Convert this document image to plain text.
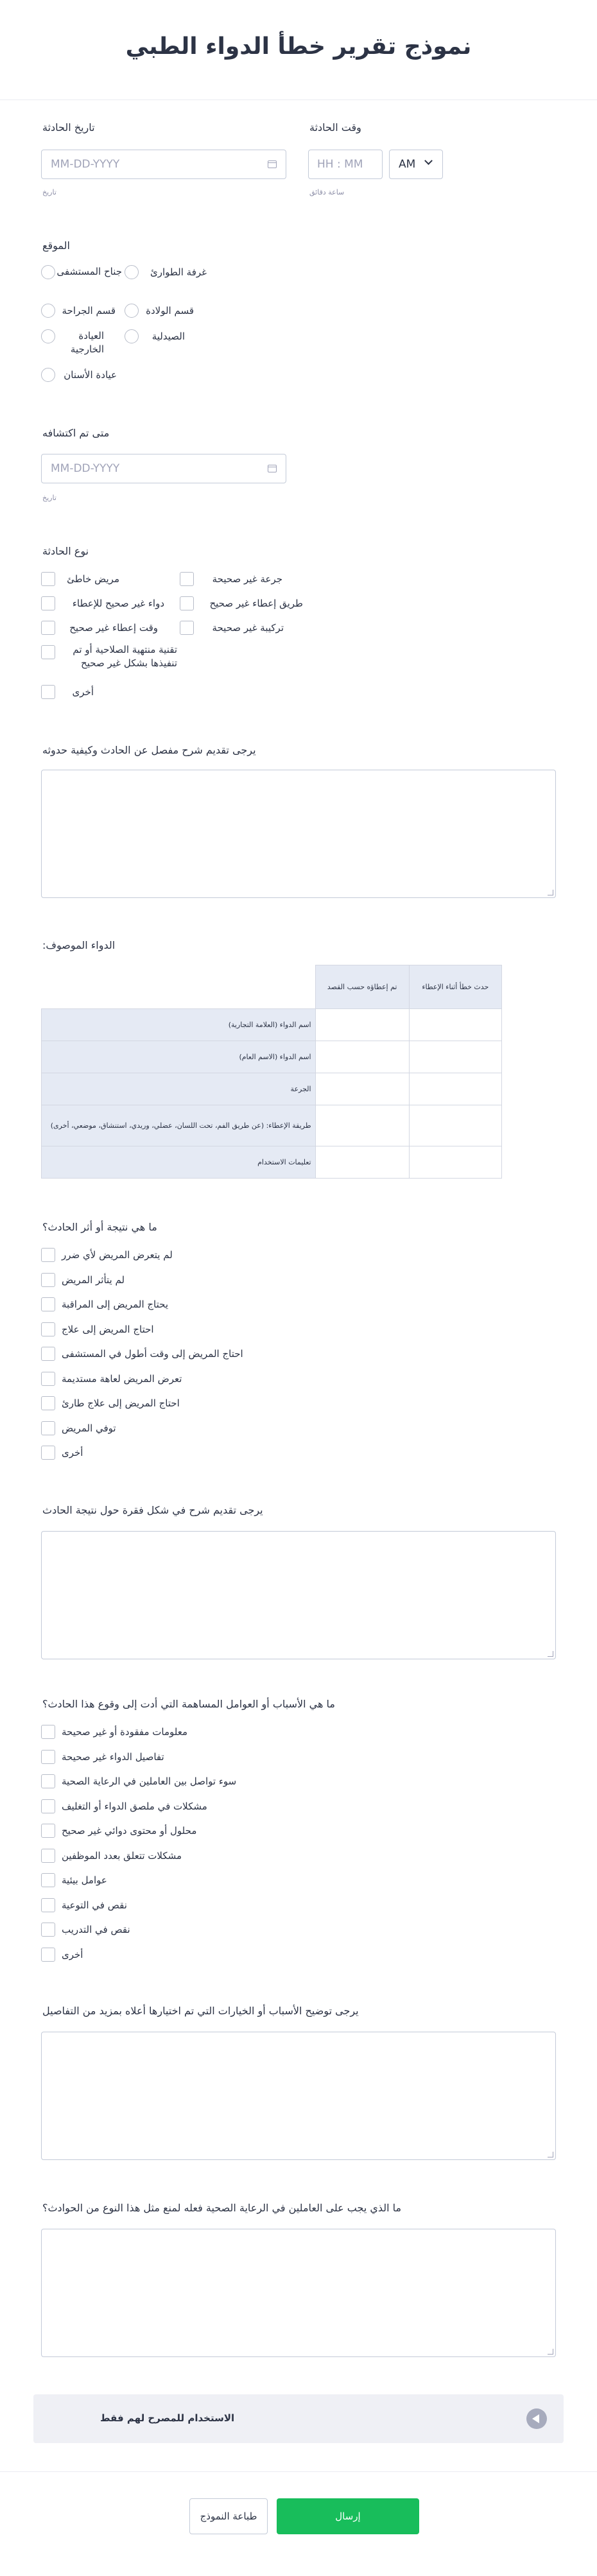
نموذج تقرير خطأ الدواء الطبي
تاريخ الحادثة
MM-DD-YYYY
تاريخ
وقت الحادثة
HH : MM	AM
ساعة دقائق
الموقع
جناح المستشفى	غرفة الطوارئ
قسم الجراحة	قسم الولادة
العيادة الخارجية
الصيدلية
عيادة الأسنان
متى تم اكتشافه
MM-DD-YYYY
تاريخ
نوع الحادثة
مريض خاطئ	جرعة غير صحيحة
دواء غير صحيح للإعطاء	طريق إعطاء غير صحيح
وقت إعطاء غير صحيح	تركيبة غير صحيحة
تقنية منتهية الصلاحية أو تم تنفيذها بشكل غير صحيح
أخرى
يرجى تقديم شرح مفصل عن الحادث وكيفية حدوثه
الدواء الموصوف:
	تم إعطاؤه حسب القصد	حدث خطأ أثناء الإعطاء
اسم الدواء (العلامة التجارية)		
اسم الدواء (الاسم العام)		
الجرعة		
طريقة الإعطاء: (عن طريق الفم، تحت اللسان، عضلي، وريدي، استنشاق، موضعي، أخرى)		
تعليمات الاستخدام		
ما هي نتيجة أو أثر الحادث؟
لم يتعرض المريض لأي ضرر
لم يتأثر المريض
يحتاج المريض إلى المراقبة
احتاج المريض إلى علاج
احتاج المريض إلى وقت أطول في المستشفى
تعرض المريض لعاهة مستديمة
احتاج المريض إلى علاج طارئ
توفي المريض
أخرى
يرجى تقديم شرح في شكل فقرة حول نتيجة الحادث
ما هي الأسباب أو العوامل المساهمة التي أدت إلى وقوع هذا الحادث؟
معلومات مفقودة أو غير صحيحة
تفاصيل الدواء غير صحيحة
سوء تواصل بين العاملين في الرعاية الصحية
مشكلات في ملصق الدواء أو التغليف
محلول أو محتوى دوائي غير صحيح
مشكلات تتعلق بعدد الموظفين
عوامل بيئية
نقص في التوعية
نقص في التدريب
أخرى
يرجى توضيح الأسباب أو الخيارات التي تم اختيارها أعلاه بمزيد من التفاصيل
ما الذي يجب على العاملين في الرعاية الصحية فعله لمنع مثل هذا النوع من الحوادث؟
الاستخدام للمصرح لهم فقط
طباعة النموذج	إرسال
